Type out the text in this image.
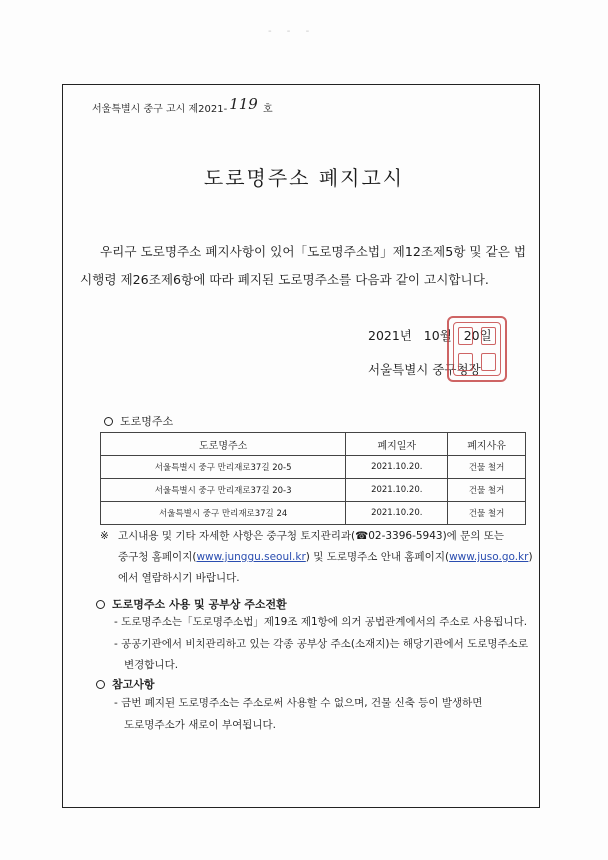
- - -
서울특별시 중구 고시 제2021- 119 호
도로명주소 폐지고시
우리구 도로명주소 폐지사항이 있어「도로명주소법」제12조제5항 및 같은 법
시행령 제26조제6항에 따라 폐지된 도로명주소를 다음과 같이 고시합니다.
2021년   10월   20일
서울특별시 중구청장
도로명주소
도로명주소	폐지일자	폐지사유
서울특별시 중구 만리재로37길 20-5	2021.10.20.	건물 철거
서울특별시 중구 만리재로37길 20-3	2021.10.20.	건물 철거
서울특별시 중구 만리재로37길 24	2021.10.20.	건물 철거
※ 고시내용 및 기타 자세한 사항은 중구청 토지관리과(☎02-3396-5943)에 문의 또는
중구청 홈페이지(www.junggu.seoul.kr) 및 도로명주소 안내 홈페이지(www.juso.go.kr)
에서 열람하시기 바랍니다.
도로명주소 사용 및 공부상 주소전환
- 도로명주소는「도로명주소법」제19조 제1항에 의거 공법관계에서의 주소로 사용됩니다.
- 공공기관에서 비치관리하고 있는 각종 공부상 주소(소재지)는 해당기관에서 도로명주소로
변경합니다.
참고사항
- 금번 폐지된 도로명주소는 주소로써 사용할 수 없으며, 건물 신축 등이 발생하면
도로명주소가 새로이 부여됩니다.
